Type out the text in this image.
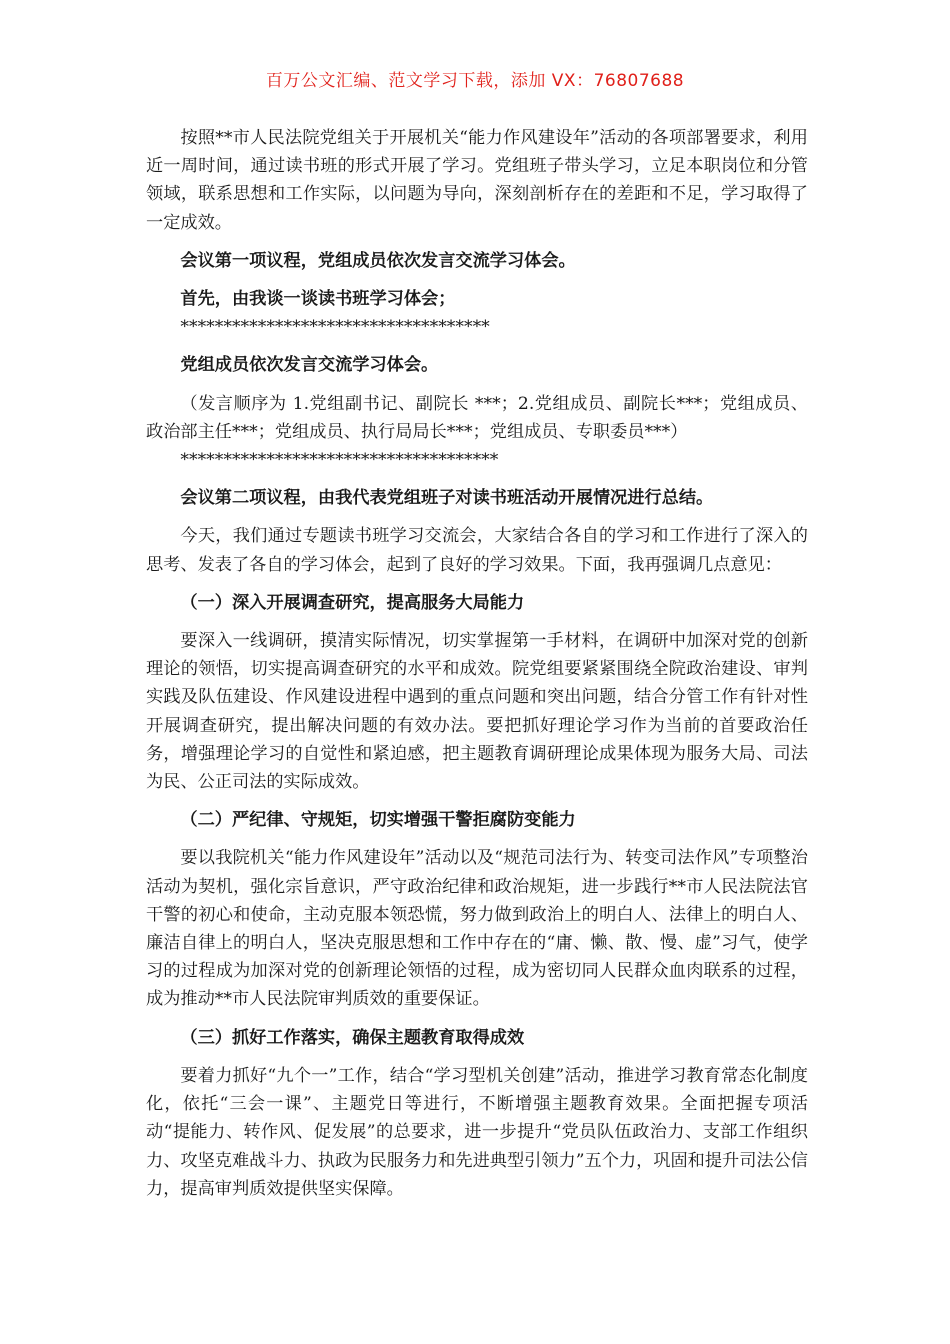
百万公文汇编、范文学习下载，添加 VX：76807688

按照**市人民法院党组关于开展机关“能力作风建设年”活动的各项部署要求，利用近一周时间，通过读书班的形式开展了学习。党组班子带头学习，立足本职岗位和分管领域，联系思想和工作实际，以问题为导向，深刻剖析存在的差距和不足，学习取得了一定成效。

会议第一项议程，党组成员依次发言交流学习体会。

首先，由我谈一谈读书班学习体会；

************************************

党组成员依次发言交流学习体会。

（发言顺序为 1.党组副书记、副院长 ***；2.党组成员、副院长***；党组成员、政治部主任***；党组成员、执行局局长***；党组成员、专职委员***）

*************************************

会议第二项议程，由我代表党组班子对读书班活动开展情况进行总结。

今天，我们通过专题读书班学习交流会，大家结合各自的学习和工作进行了深入的思考、发表了各自的学习体会，起到了良好的学习效果。下面，我再强调几点意见：

（一）深入开展调查研究，提高服务大局能力

要深入一线调研，摸清实际情况，切实掌握第一手材料，在调研中加深对党的创新理论的领悟，切实提高调查研究的水平和成效。院党组要紧紧围绕全院政治建设、审判实践及队伍建设、作风建设进程中遇到的重点问题和突出问题，结合分管工作有针对性开展调查研究，提出解决问题的有效办法。要把抓好理论学习作为当前的首要政治任务，增强理论学习的自觉性和紧迫感，把主题教育调研理论成果体现为服务大局、司法为民、公正司法的实际成效。

（二）严纪律、守规矩，切实增强干警拒腐防变能力

要以我院机关“能力作风建设年”活动以及“规范司法行为、转变司法作风”专项整治活动为契机，强化宗旨意识，严守政治纪律和政治规矩，进一步践行**市人民法院法官干警的初心和使命，主动克服本领恐慌，努力做到政治上的明白人、法律上的明白人、廉洁自律上的明白人，坚决克服思想和工作中存在的“庸、懒、散、慢、虚”习气，使学习的过程成为加深对党的创新理论领悟的过程，成为密切同人民群众血肉联系的过程，成为推动**市人民法院审判质效的重要保证。

（三）抓好工作落实，确保主题教育取得成效

要着力抓好“九个一”工作，结合“学习型机关创建”活动，推进学习教育常态化制度化，依托“三会一课”、主题党日等进行，不断增强主题教育效果。全面把握专项活动“提能力、转作风、促发展”的总要求，进一步提升“党员队伍政治力、支部工作组织力、攻坚克难战斗力、执政为民服务力和先进典型引领力”五个力，巩固和提升司法公信力，提高审判质效提供坚实保障。
